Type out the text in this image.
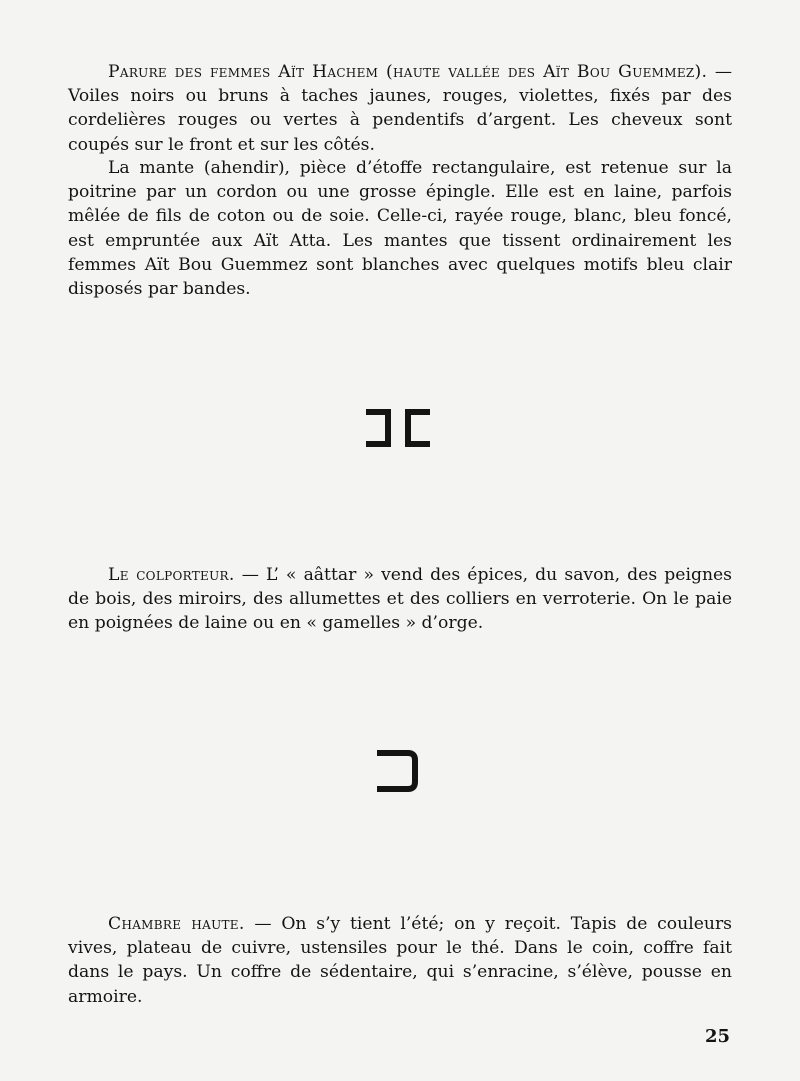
Parure des femmes Aït Hachem (haute vallée des Aït Bou Guemmez). — Voiles noirs ou bruns à taches jaunes, rouges, violettes, fixés par des cordelières rouges ou vertes à pendentifs d’argent. Les cheveux sont coupés sur le front et sur les côtés.

La mante (ahendir), pièce d’étoffe rectangulaire, est retenue sur la poitrine par un cordon ou une grosse épingle. Elle est en laine, parfois mêlée de fils de coton ou de soie. Celle-ci, rayée rouge, blanc, bleu foncé, est empruntée aux Aït Atta. Les mantes que tissent ordinairement les femmes Aït Bou Guemmez sont blanches avec quelques motifs bleu clair disposés par bandes.

Le colporteur. — L’ « aâttar » vend des épices, du savon, des peignes de bois, des miroirs, des allumettes et des colliers en verroterie. On le paie en poignées de laine ou en « gamelles » d’orge.

Chambre haute. — On s’y tient l’été; on y reçoit. Tapis de couleurs vives, plateau de cuivre, ustensiles pour le thé. Dans le coin, coffre fait dans le pays. Un coffre de sédentaire, qui s’enracine, s’élève, pousse en armoire.

25
